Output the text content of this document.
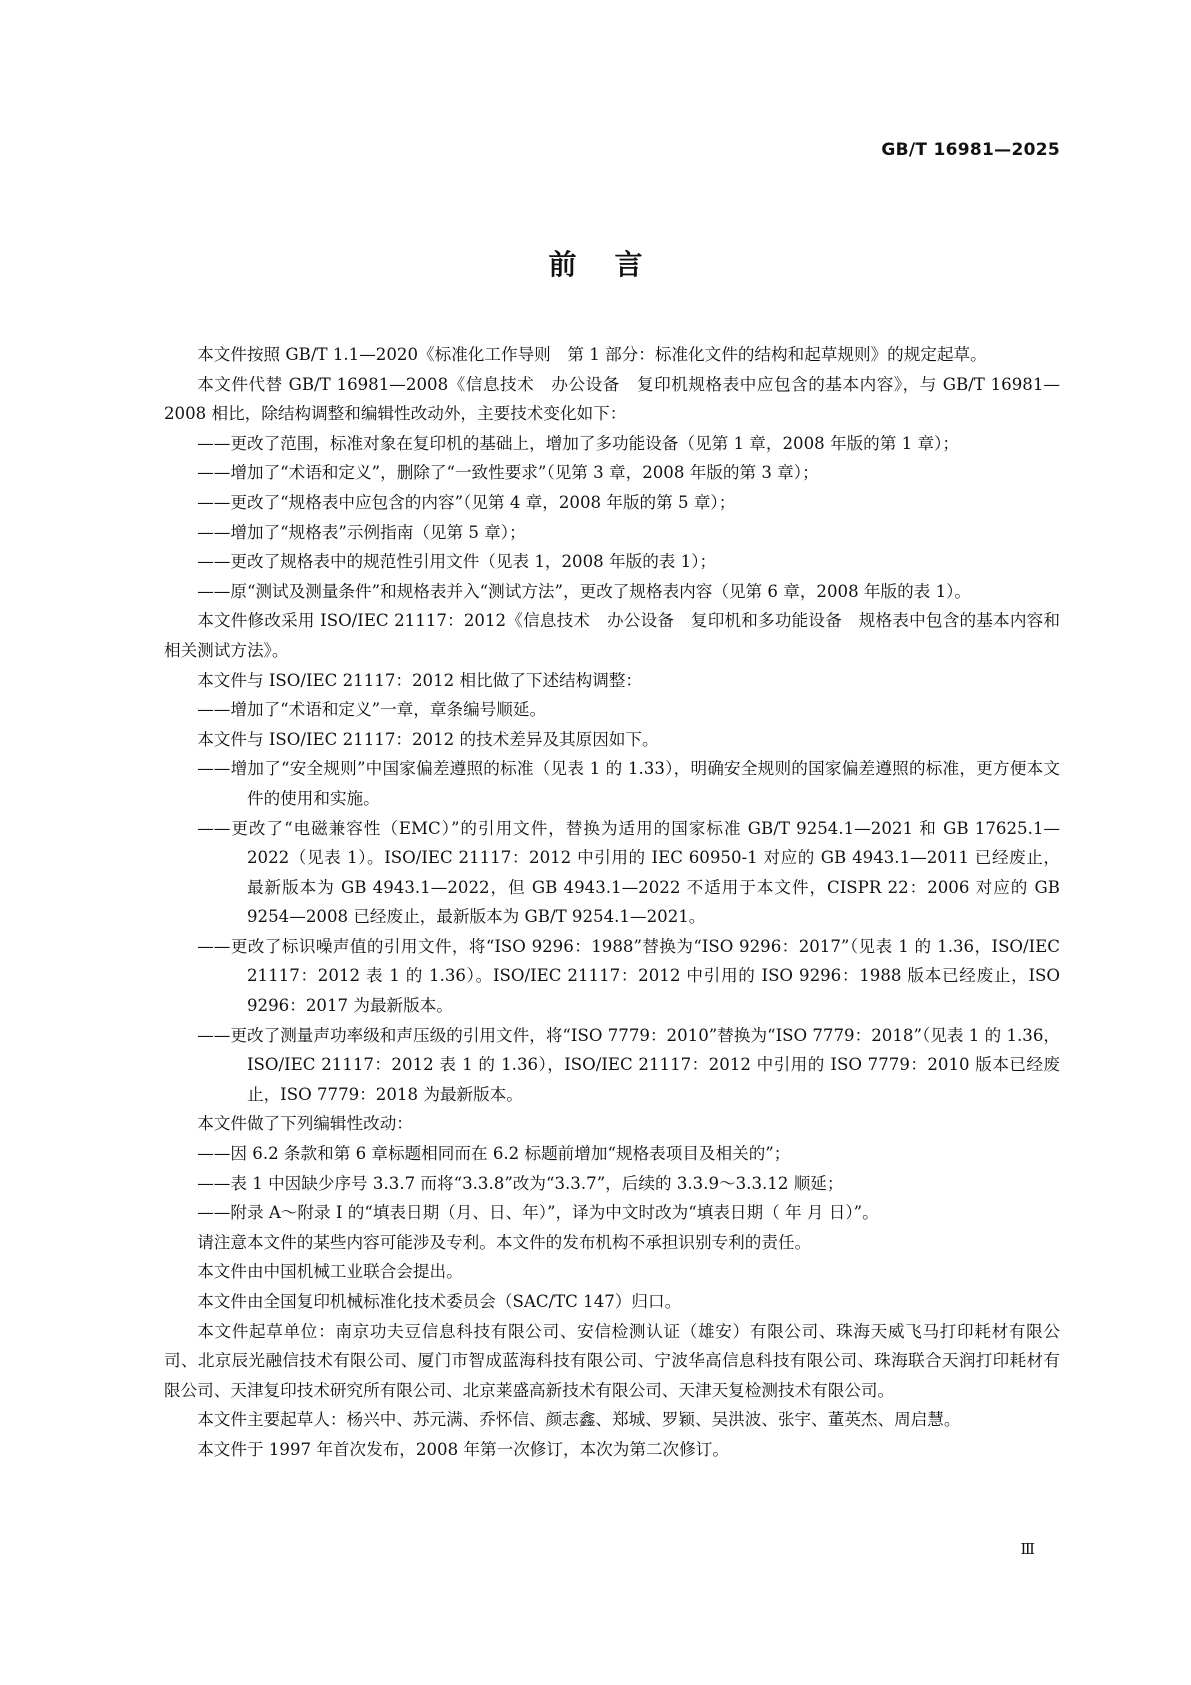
GB/T 16981—2025
前言

本文件按照 GB/T 1.1—2020《标准化工作导则　第 1 部分：标准化文件的结构和起草规则》的规定起草。

本文件代替 GB/T 16981—2008《信息技术　办公设备　复印机规格表中应包含的基本内容》，与 GB/T 16981—2008 相比，除结构调整和编辑性改动外，主要技术变化如下：

——更改了范围，标准对象在复印机的基础上，增加了多功能设备（见第 1 章，2008 年版的第 1 章）；

——增加了“术语和定义”，删除了“一致性要求”（见第 3 章，2008 年版的第 3 章）；

——更改了“规格表中应包含的内容”（见第 4 章，2008 年版的第 5 章）；

——增加了“规格表”示例指南（见第 5 章）；

——更改了规格表中的规范性引用文件（见表 1，2008 年版的表 1）；

——原“测试及测量条件”和规格表并入“测试方法”，更改了规格表内容（见第 6 章，2008 年版的表 1）。

本文件修改采用 ISO/IEC 21117：2012《信息技术　办公设备　复印机和多功能设备　规格表中包含的基本内容和相关测试方法》。

本文件与 ISO/IEC 21117：2012 相比做了下述结构调整：

——增加了“术语和定义”一章，章条编号顺延。

本文件与 ISO/IEC 21117：2012 的技术差异及其原因如下。

——增加了“安全规则”中国家偏差遵照的标准（见表 1 的 1.33），明确安全规则的国家偏差遵照的标准，更方便本文件的使用和实施。

——更改了“电磁兼容性（EMC）”的引用文件，替换为适用的国家标准 GB/T 9254.1—2021 和 GB 17625.1—2022（见表 1）。ISO/IEC 21117：2012 中引用的 IEC 60950-1 对应的 GB 4943.1—2011 已经废止，最新版本为 GB 4943.1—2022，但 GB 4943.1—2022 不适用于本文件，CISPR 22：2006 对应的 GB 9254—2008 已经废止，最新版本为 GB/T 9254.1—2021。

——更改了标识噪声值的引用文件，将“ISO 9296：1988”替换为“ISO 9296：2017”（见表 1 的 1.36，ISO/IEC 21117：2012 表 1 的 1.36）。ISO/IEC 21117：2012 中引用的 ISO 9296：1988 版本已经废止，ISO 9296：2017 为最新版本。

——更改了测量声功率级和声压级的引用文件，将“ISO 7779：2010”替换为“ISO 7779：2018”（见表 1 的 1.36，ISO/IEC 21117：2012 表 1 的 1.36），ISO/IEC 21117：2012 中引用的 ISO 7779：2010 版本已经废止，ISO 7779：2018 为最新版本。

本文件做了下列编辑性改动：

——因 6.2 条款和第 6 章标题相同而在 6.2 标题前增加“规格表项目及相关的”；

——表 1 中因缺少序号 3.3.7 而将“3.3.8”改为“3.3.7”，后续的 3.3.9～3.3.12 顺延；

——附录 A～附录 I 的“填表日期（月、日、年）”，译为中文时改为“填表日期（ 年 月 日）”。

请注意本文件的某些内容可能涉及专利。本文件的发布机构不承担识别专利的责任。

本文件由中国机械工业联合会提出。

本文件由全国复印机械标准化技术委员会（SAC/TC 147）归口。

本文件起草单位：南京功夫豆信息科技有限公司、安信检测认证（雄安）有限公司、珠海天威飞马打印耗材有限公司、北京辰光融信技术有限公司、厦门市智成蓝海科技有限公司、宁波华高信息科技有限公司、珠海联合天润打印耗材有限公司、天津复印技术研究所有限公司、北京莱盛高新技术有限公司、天津天复检测技术有限公司。

本文件主要起草人：杨兴中、苏元满、乔怀信、颜志鑫、郑城、罗颖、吴洪波、张宇、董英杰、周启慧。

本文件于 1997 年首次发布，2008 年第一次修订，本次为第二次修订。

Ⅲ
